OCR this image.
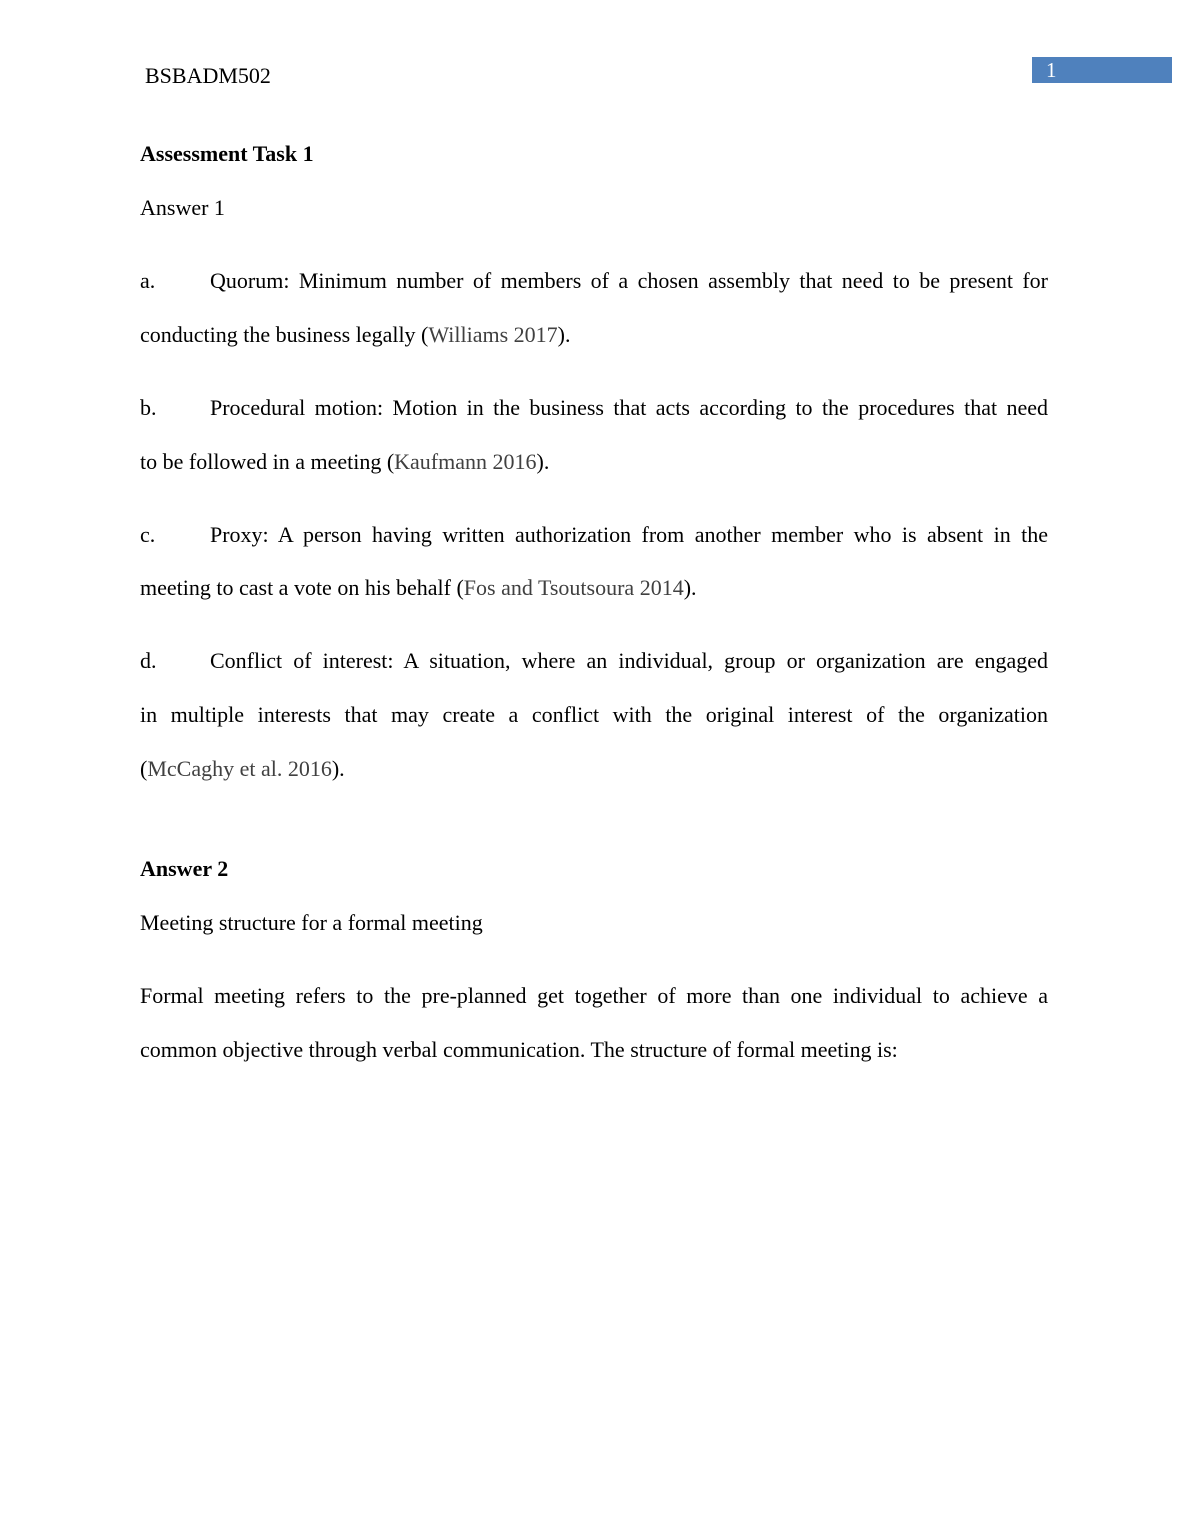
BSBADM502	1
Assessment Task 1
Answer 1
a. Quorum: Minimum number of members of a chosen assembly that need to be present for
conducting the business legally (Williams 2017).
b. Procedural motion: Motion in the business that acts according to the procedures that need
to be followed in a meeting (Kaufmann 2016).
c. Proxy: A person having written authorization from another member who is absent in the
meeting to cast a vote on his behalf (Fos and Tsoutsoura 2014).
d. Conflict of interest: A situation, where an individual, group or organization are engaged
in multiple interests that may create a conflict with the original interest of the organization
(McCaghy et al. 2016).
Answer 2
Meeting structure for a formal meeting
Formal meeting refers to the pre-planned get together of more than one individual to achieve a
common objective through verbal communication. The structure of formal meeting is:
